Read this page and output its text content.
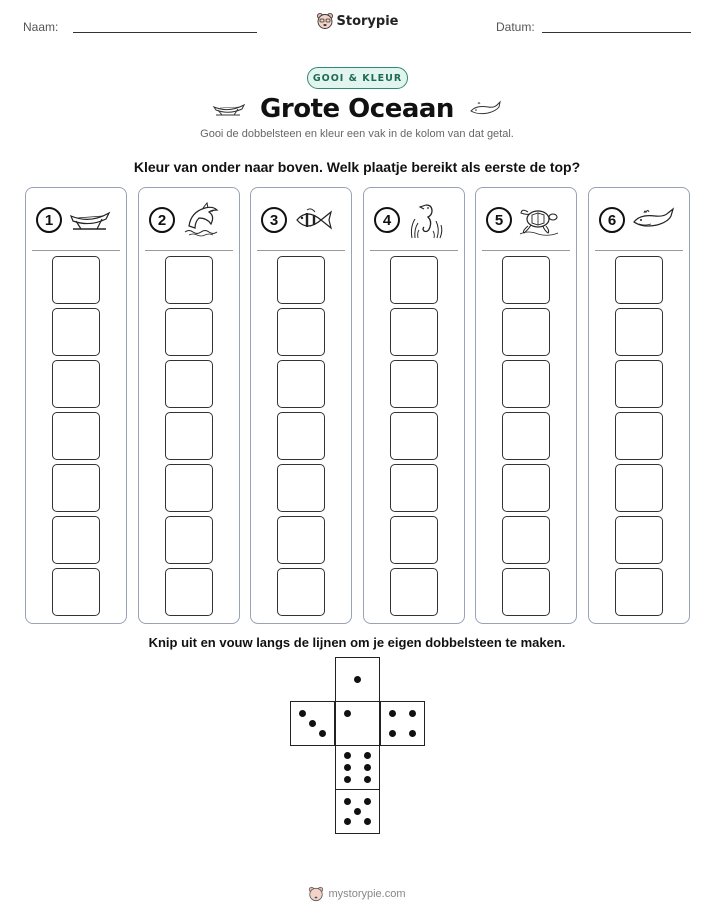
Naam:	Storypie	Datum:
GOOI & KLEUR
Grote Oceaan
Gooi de dobbelsteen en kleur een vak in de kolom van dat getal.
Kleur van onder naar boven. Welk plaatje bereikt als eerste de top?
1	2	3	4	5	6
Knip uit en vouw langs de lijnen om je eigen dobbelsteen te maken.
mystorypie.com
